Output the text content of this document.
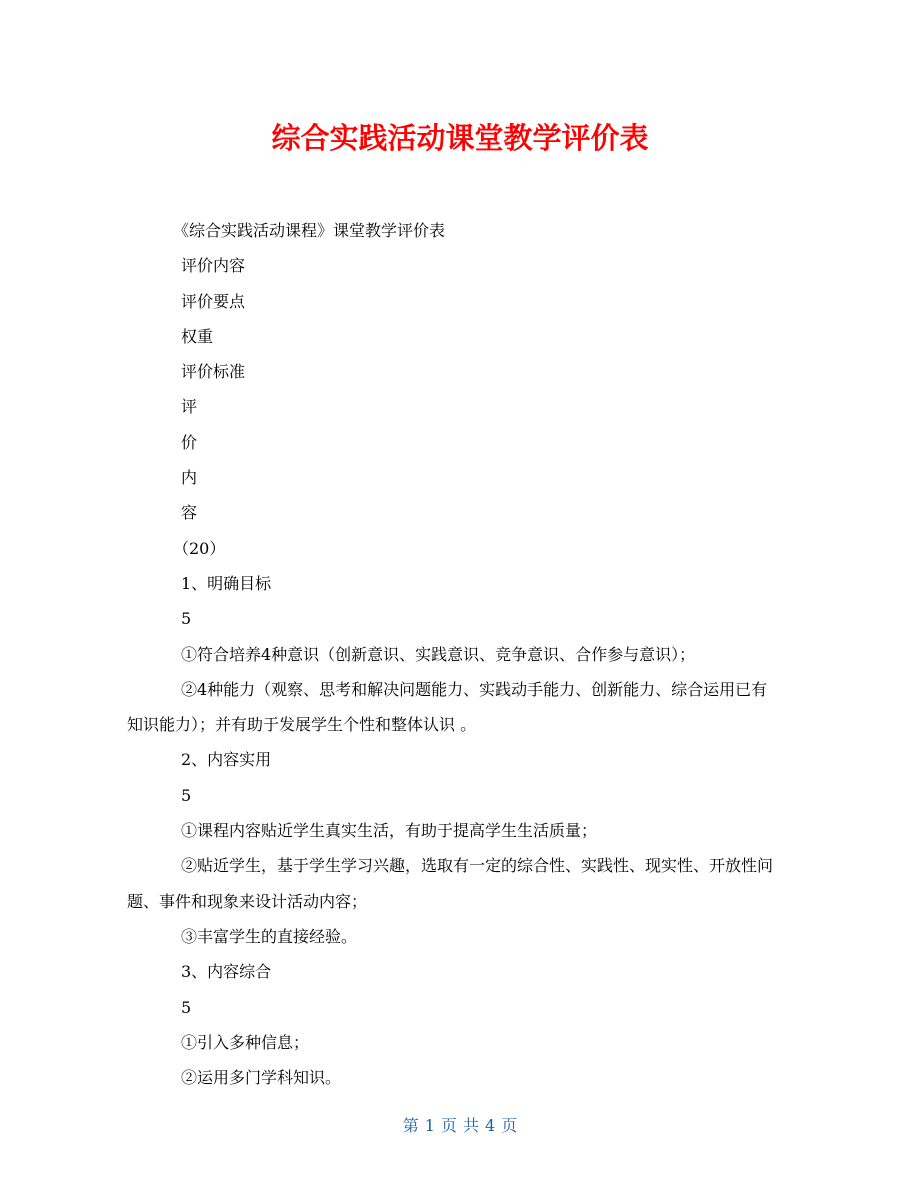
综合实践活动课堂教学评价表

《综合实践活动课程》课堂教学评价表

评价内容

评价要点

权重

评价标准

评

价

内

容

（20）

1、明确目标

5

①符合培养4种意识（创新意识、实践意识、竞争意识、合作参与意识）；

②4种能力（观察、思考和解决问题能力、实践动手能力、创新能力、综合运用已有知识能力）；并有助于发展学生个性和整体认识 。

2、内容实用

5

①课程内容贴近学生真实生活，有助于提高学生生活质量；

②贴近学生，基于学生学习兴趣，选取有一定的综合性、实践性、现实性、开放性问题、事件和现象来设计活动内容；

③丰富学生的直接经验。

3、内容综合

5

①引入多种信息；

②运用多门学科知识。

第 1 页 共 4 页
